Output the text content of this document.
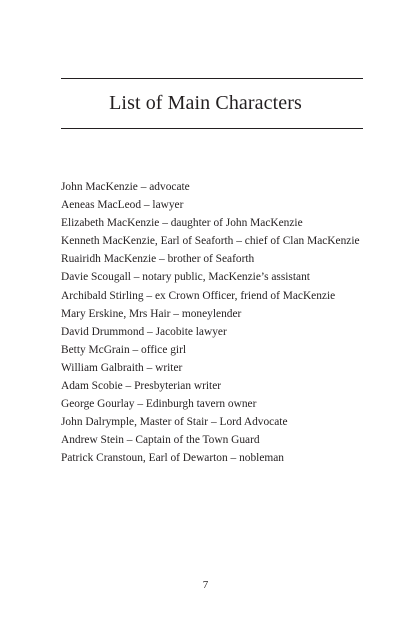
List of Main Characters
John MacKenzie – advocate
Aeneas MacLeod – lawyer
Elizabeth MacKenzie – daughter of John MacKenzie
Kenneth MacKenzie, Earl of Seaforth – chief of Clan MacKenzie
Ruairidh MacKenzie – brother of Seaforth
Davie Scougall – notary public, MacKenzie’s assistant
Archibald Stirling – ex Crown Officer, friend of MacKenzie
Mary Erskine, Mrs Hair – moneylender
David Drummond – Jacobite lawyer
Betty McGrain – office girl
William Galbraith – writer
Adam Scobie – Presbyterian writer
George Gourlay – Edinburgh tavern owner
John Dalrymple, Master of Stair – Lord Advocate
Andrew Stein – Captain of the Town Guard
Patrick Cranstoun, Earl of Dewarton – nobleman
7
